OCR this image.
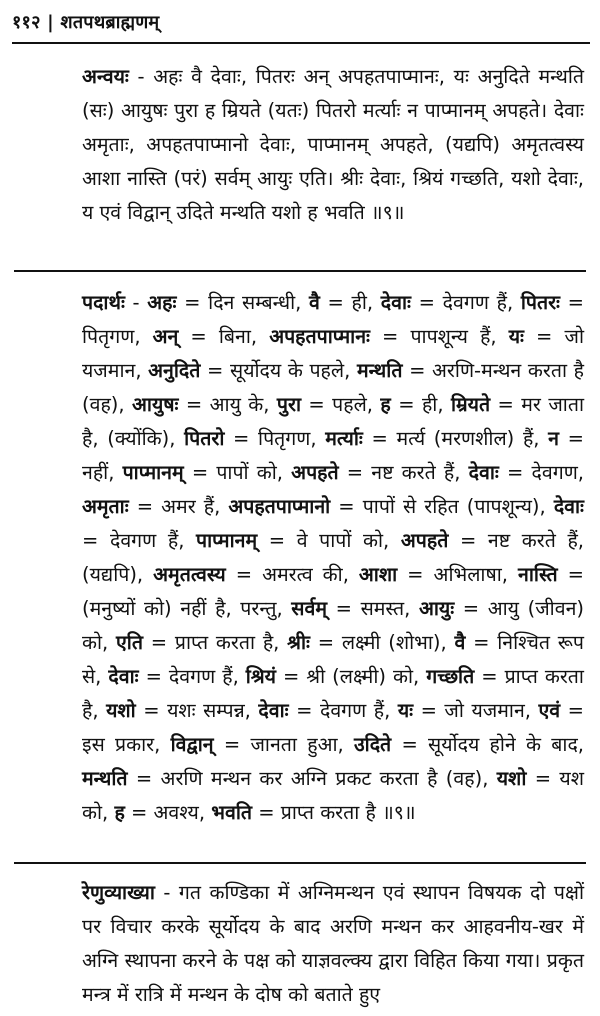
११२ | शतपथब्राह्मणम्
अन्वयः - अहः वै देवाः, पितरः अन् अपहतपाप्मानः, यः अनुदिते मन्थति (सः) आयुषः पुरा ह म्रियते (यतः) पितरो मर्त्याः न पाप्मानम् अपहते। देवाः अमृताः, अपहतपाप्मानो देवाः, पाप्मानम् अपहते, (यद्यपि) अमृतत्वस्य आशा नास्ति (परं) सर्वम् आयुः एति। श्रीः देवाः, श्रियं गच्छति, यशो देवाः, य एवं विद्वान् उदिते मन्थति यशो ह भवति ॥९॥
पदार्थः - अहः = दिन सम्बन्धी, वै = ही, देवाः = देवगण हैं, पितरः = पितृगण, अन् = बिना, अपहतपाप्मानः = पापशून्य हैं, यः = जो यजमान, अनुदिते = सूर्योदय के पहले, मन्थति = अरणि-मन्थन करता है (वह), आयुषः = आयु के, पुरा = पहले, ह = ही, म्रियते = मर जाता है, (क्योंकि), पितरो = पितृगण, मर्त्याः = मर्त्य (मरणशील) हैं, न = नहीं, पाप्मानम् = पापों को, अपहते = नष्ट करते हैं, देवाः = देवगण, अमृताः = अमर हैं, अपहतपाप्मानो = पापों से रहित (पापशून्य), देवाः = देवगण हैं, पाप्मानम् = वे पापों को, अपहते = नष्ट करते हैं, (यद्यपि), अमृतत्वस्य = अमरत्व की, आशा = अभिलाषा, नास्ति = (मनुष्यों को) नहीं है, परन्तु, सर्वम् = समस्त, आयुः = आयु (जीवन) को, एति = प्राप्त करता है, श्रीः = लक्ष्मी (शोभा), वै = निश्चित रूप से, देवाः = देवगण हैं, श्रियं = श्री (लक्ष्मी) को, गच्छति = प्राप्त करता है, यशो = यशः सम्पन्न, देवाः = देवगण हैं, यः = जो यजमान, एवं = इस प्रकार, विद्वान् = जानता हुआ, उदिते = सूर्योदय होने के बाद, मन्थति = अरणि मन्थन कर अग्नि प्रकट करता है (वह), यशो = यश को, ह = अवश्य, भवति = प्राप्त करता है ॥९॥
रेणुव्याख्या - गत कण्डिका में अग्निमन्थन एवं स्थापन विषयक दो पक्षों पर विचार करके सूर्योदय के बाद अरणि मन्थन कर आहवनीय-खर में अग्नि स्थापना करने के पक्ष को याज्ञवल्क्य द्वारा विहित किया गया। प्रकृत मन्त्र में रात्रि में मन्थन के दोष को बताते हुए
